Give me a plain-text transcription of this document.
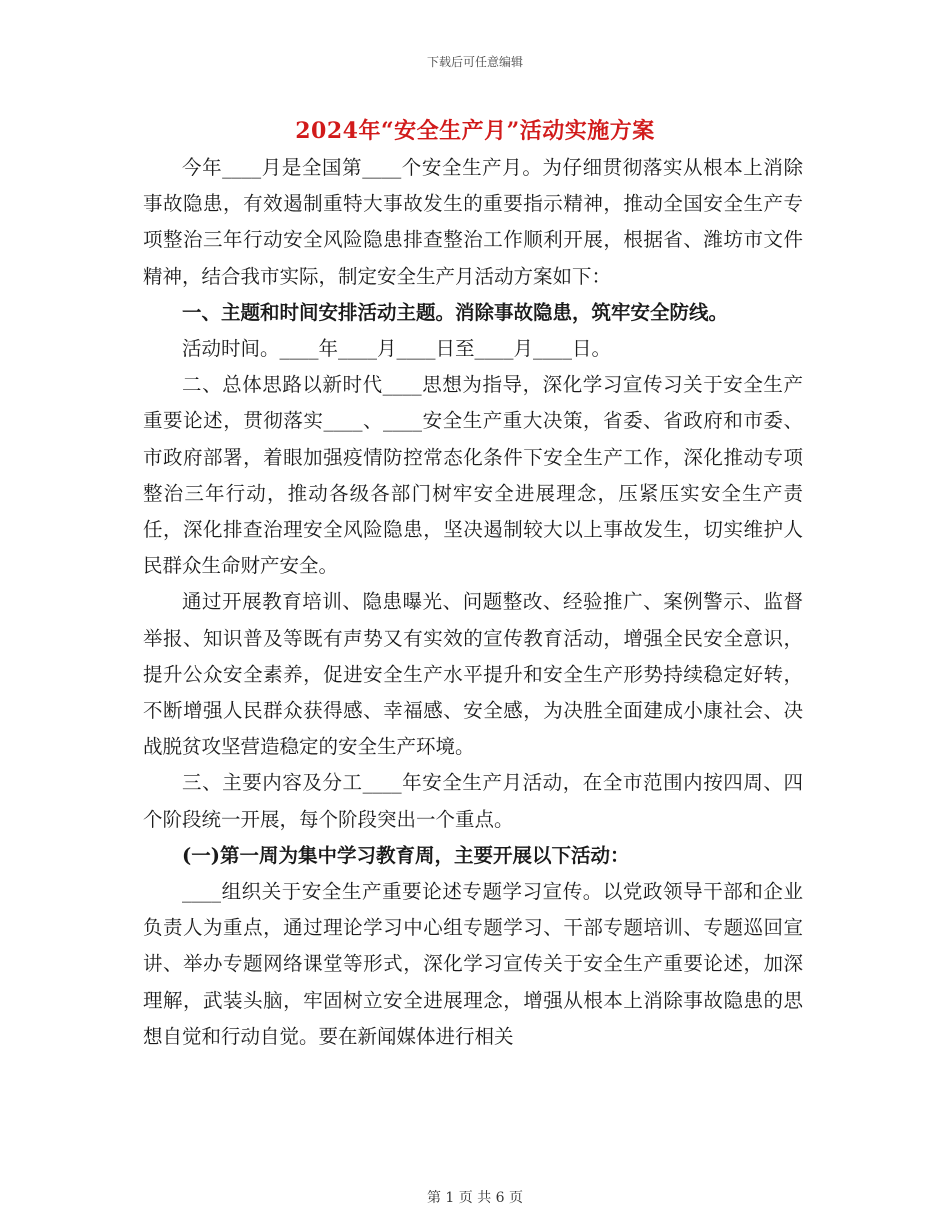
下载后可任意编辑
2024年“安全生产月”活动实施方案

今年____月是全国第____个安全生产月。为仔细贯彻落实从根本上消除事故隐患，有效遏制重特大事故发生的重要指示精神，推动全国安全生产专项整治三年行动安全风险隐患排查整治工作顺利开展，根据省、潍坊市文件精神，结合我市实际，制定安全生产月活动方案如下：

一、主题和时间安排活动主题。消除事故隐患，筑牢安全防线。

活动时间。____年____月____日至____月____日。

二、总体思路以新时代____思想为指导，深化学习宣传习关于安全生产重要论述，贯彻落实____、____安全生产重大决策，省委、省政府和市委、市政府部署，着眼加强疫情防控常态化条件下安全生产工作，深化推动专项整治三年行动，推动各级各部门树牢安全进展理念，压紧压实安全生产责任，深化排查治理安全风险隐患，坚决遏制较大以上事故发生，切实维护人民群众生命财产安全。

通过开展教育培训、隐患曝光、问题整改、经验推广、案例警示、监督举报、知识普及等既有声势又有实效的宣传教育活动，增强全民安全意识，提升公众安全素养，促进安全生产水平提升和安全生产形势持续稳定好转，不断增强人民群众获得感、幸福感、安全感，为决胜全面建成小康社会、决战脱贫攻坚营造稳定的安全生产环境。

三、主要内容及分工____年安全生产月活动，在全市范围内按四周、四个阶段统一开展，每个阶段突出一个重点。

(一)第一周为集中学习教育周，主要开展以下活动：

____组织关于安全生产重要论述专题学习宣传。以党政领导干部和企业负责人为重点，通过理论学习中心组专题学习、干部专题培训、专题巡回宣讲、举办专题网络课堂等形式，深化学习宣传关于安全生产重要论述，加深理解，武装头脑，牢固树立安全进展理念，增强从根本上消除事故隐患的思想自觉和行动自觉。要在新闻媒体进行相关

第 1 页 共 6 页
